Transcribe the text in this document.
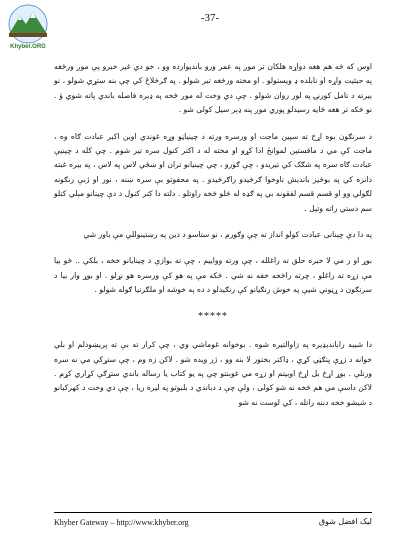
Khyber.ORG
-37-

اوس که څه هم هغه دواړه هلکان تر موږ په عمر ورو بانديوارده وو ، خو دي غير خبرو پې موږ ورځغه په حیثیت واړه او نابلده ډ ويستولو . او مخته ورځغه تير شولو . په ګرځلاځ کي چې بنه ستړي شولو ، نو بيرته د تامل کورنۍ په لور روان شولو . چې دي وخت له موږ څخه په ډيره فاصله باندي پاته شوي ؤ . نو څکه تر هغه ځايه رسيدلو پوري موږ پنه ډېر سيل کولی شو .

د سرنګون بوه اړخ ته سپين ماجت او ورسره ورته د چينياڼو وړه غوندي اوبن اكبر عبادت ګاه وه ، ماجت کې مي د ماقستين لموانځ ادا کړو او مخته له د اکتر کنول سره تير شوم . چې کله د چينيې عبادت ګاه سره په شګک کي تيريدو ، چې ګورو ، چي چينيانو تران او ښځي لاس په لاس ، په بيره غبته دانزه کي په بوځيز بانديش ناوخوا ګرځيدو راګرځيدو . په محفوتو بې سره ښنه ، نور او ژبې رنګونه لګولي وو او قسم قسم لفقونه بي په ګډه له څلو څخه راوتلو . دلته دا کتر کنول د دې چينانو مېلي کتلو سم دستي راته وتيل .

په دا دې چينانی عبادت کولو انداز ته چې وګورم ، نو ستاسو د دين په رښتينوللي مې باور شي

بوړ او ر مي لا خبره حلق ته راغلله ، چې ورته وواييم ، چې ته بوازې د چينايانو خخه ، بلکي .. څو بيا مې زړه ته راغلو ، چرته راځخه خفه نه شي . څکه مې په هو کې ورسره هو نړلو . او بوړ وار بيا د سرنګون د ړڼوني شيې په خوش رنګيانو کې رنګيدلو د ده په خوشه او ملګرتيا ګوله شولو .

*****

دا شيبه رابانديډيره په زاوالتيره شوه . بوخوانه غوماشي وي ، چې کرار ته بې ته پريښودلم او بلي خوانه د زړې پنګټي کړي ، ډاکتر بختور لا بنه وو ، ژر ويده شو . لاکن زه وم ، چې ستړکي مي نه سره ورتلې . بوړ اړخ بل اړخ اوبيتم او زړه مي غوبنتو چې په يو کتاب يا رساله باندي ستړګې کړاري کړم . لاکن داسې مي هم څخه نه شو کولی ، ولې چې د دباندي د بلبوتو په ليره ريا ، چې دي وخت د کهرکيانو د شيشو خخه دننه راتله ، کي لوست نه شو

Khyber Gateway – http://www.khyber.org	ليک افضل شوق
